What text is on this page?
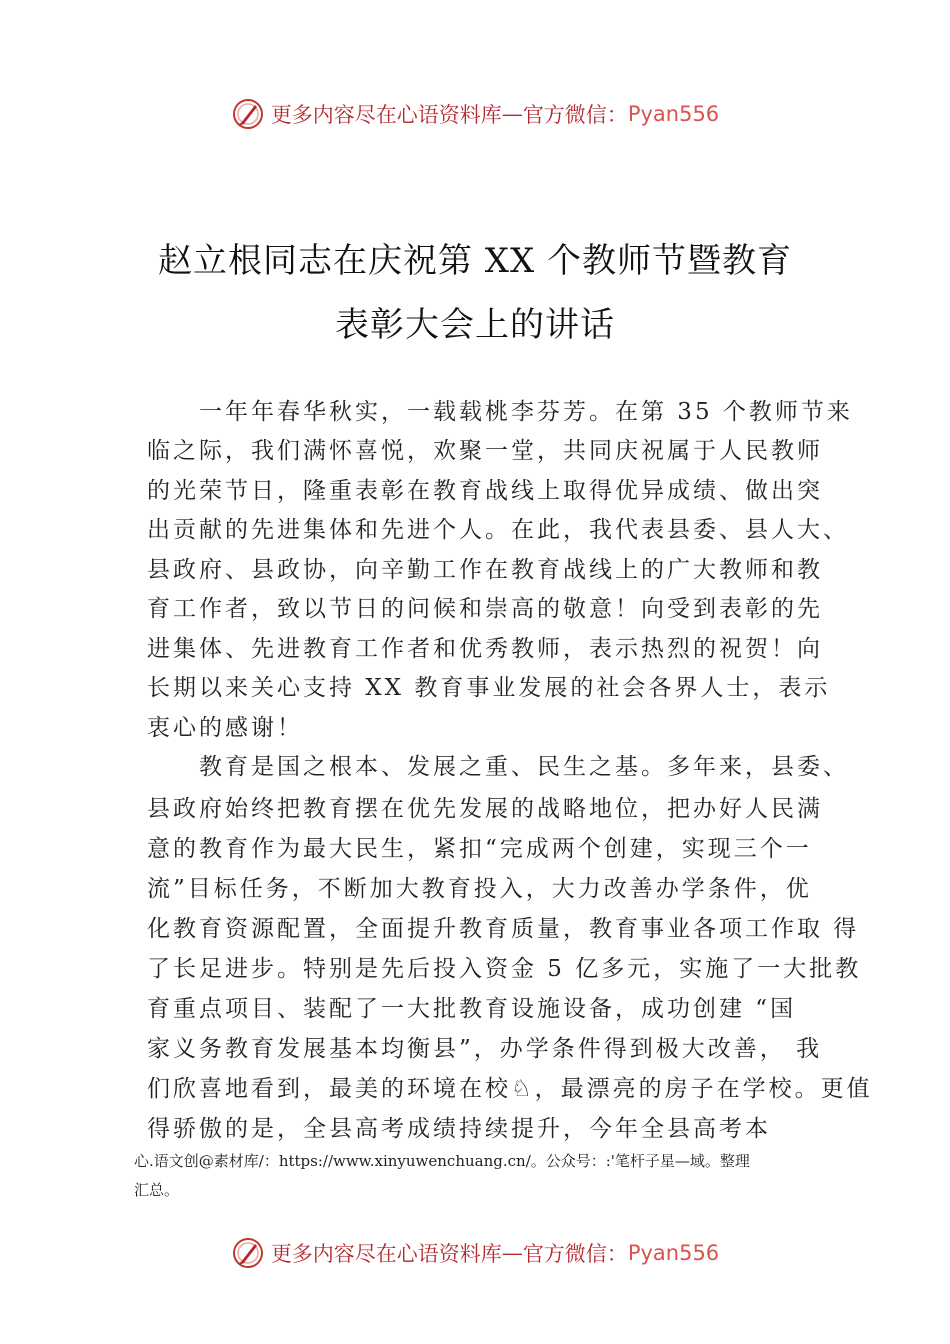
更多内容尽在心语资料库 — 官方微信： Pyan556
赵立根同志在庆祝第 XX 个教师节暨教育
表彰大会上的讲话
　　一年年春华秋实，一载载桃李芬芳。在第 35 个教师节来
临之际，我们满怀喜悦，欢聚一堂，共同庆祝属于人民教师
的光荣节日，隆重表彰在教育战线上取得优异成绩、做出突
出贡献的先进集体和先进个人。在此，我代表县委、县人大、
县政府、县政协，向辛勤工作在教育战线上的广大教师和教
育工作者，致以节日的问候和崇高的敬意！向受到表彰的先
进集体、先进教育工作者和优秀教师，表示热烈的祝贺！向
长期以来关心支持 XX 教育事业发展的社会各界人士，表示
衷心的感谢！
　　教育是国之根本、发展之重、民生之基。多年来，县委、
县政府始终把教育摆在优先发展的战略地位，把办好人民满
意的教育作为最大民生，紧扣“完成两个创建，实现三个一
流”目标任务，不断加大教育投入，大力改善办学条件，优
化教育资源配置，全面提升教育质量，教育事业各项工作取 得
了长足进步。特别是先后投入资金 5 亿多元，实施了一大批教
育重点项目、装配了一大批教育设施设备，成功创建 “国
家义务教育发展基本均衡县”，办学条件得到极大改善， 我
们欣喜地看到，最美的环境在校♘，最漂亮的房子在学校。更值
得骄傲的是，全县高考成绩持续提升，今年全县高考本
心.语文创@素材库/：https://www.xinyuwenchuang.cn/。公众号：:'笔杆子星—域。整理
汇总。
更多内容尽在心语资料库 — 官方微信： Pyan556
